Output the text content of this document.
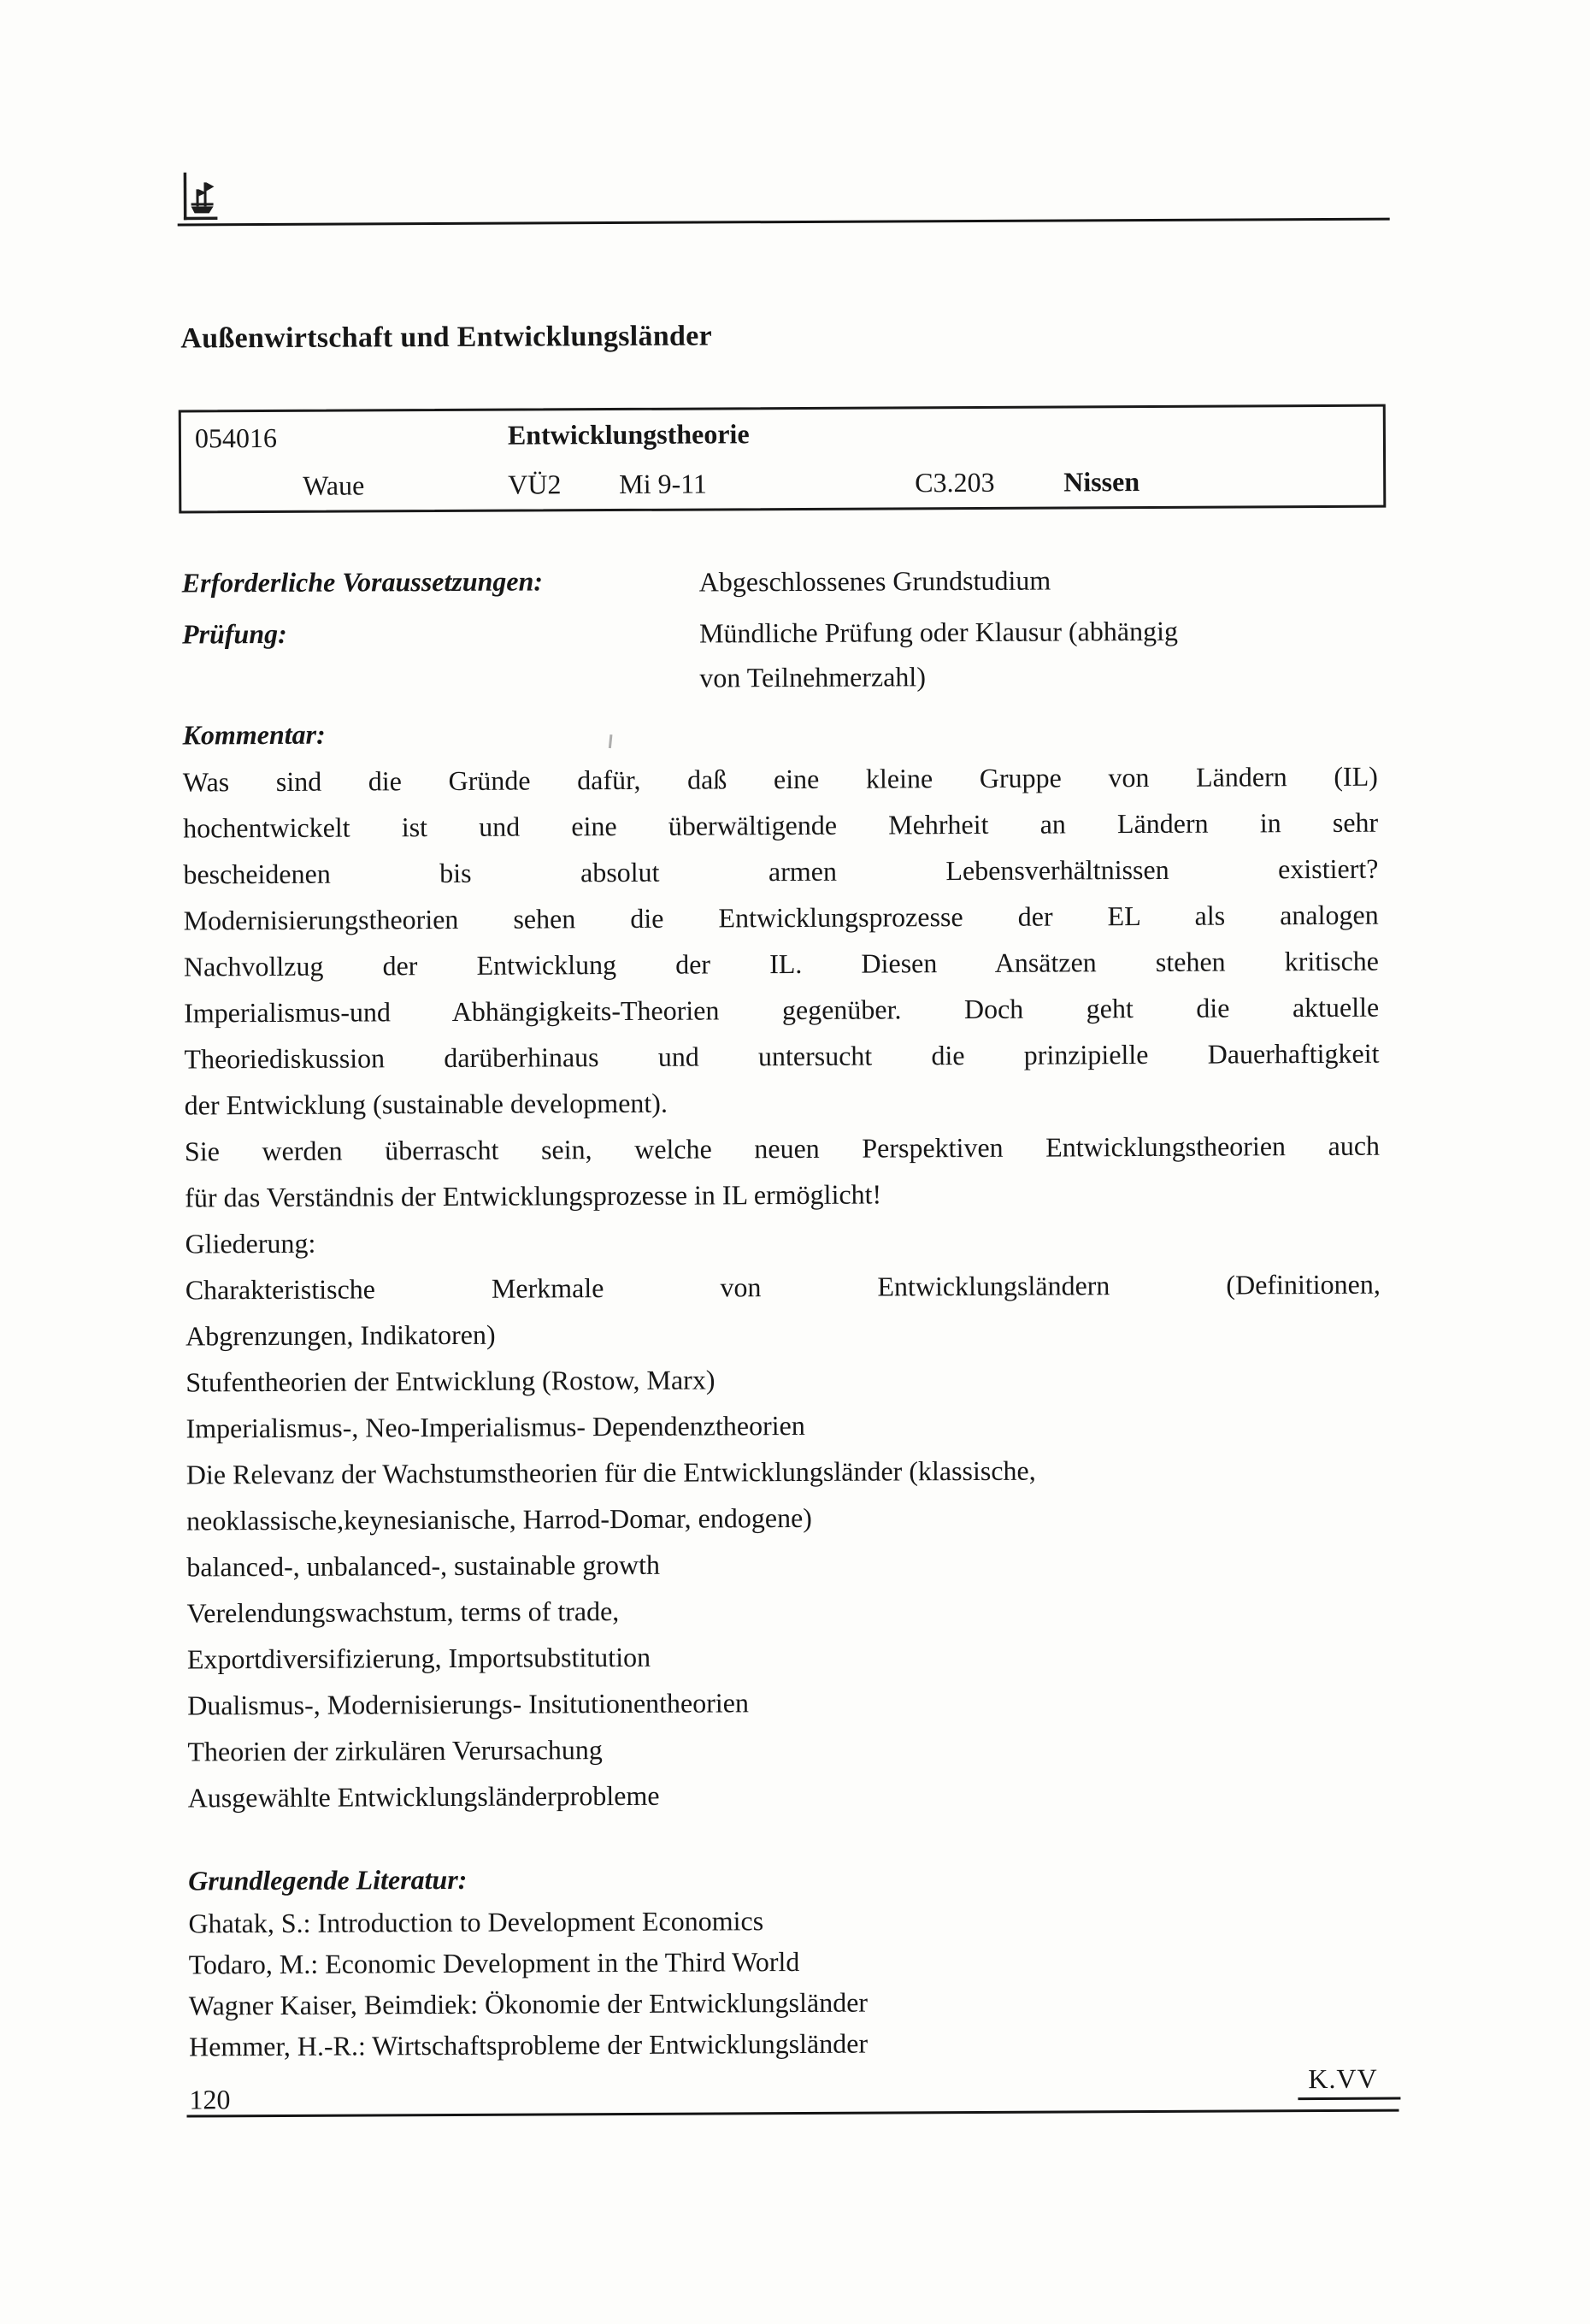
Außenwirtschaft und Entwicklungsländer
054016	Entwicklungstheorie
Waue	VÜ2 Mi 9-11	C3.203	Nissen
Erforderliche Voraussetzungen:	Abgeschlossenes Grundstudium
Prüfung:	Mündliche Prüfung oder Klausur (abhängig
von Teilnehmerzahl)
Kommentar:
Was sind die Gründe dafür, daß eine kleine Gruppe von Ländern (IL)
hochentwickelt ist und eine überwältigende Mehrheit an Ländern in sehr
bescheidenen bis absolut armen Lebensverhältnissen existiert?
Modernisierungstheorien sehen die Entwicklungsprozesse der EL als analogen
Nachvollzug der Entwicklung der IL. Diesen Ansätzen stehen kritische
Imperialismus-und Abhängigkeits-Theorien gegenüber. Doch geht die aktuelle
Theoriediskussion darüberhinaus und untersucht die prinzipielle Dauerhaftigkeit
der Entwicklung (sustainable development).
Sie werden überrascht sein, welche neuen Perspektiven Entwicklungstheorien auch
für das Verständnis der Entwicklungsprozesse in IL ermöglicht!
Gliederung:
Charakteristische Merkmale von Entwicklungsländern (Definitionen,
Abgrenzungen, Indikatoren)
Stufentheorien der Entwicklung (Rostow, Marx)
Imperialismus-, Neo-Imperialismus- Dependenztheorien
Die Relevanz der Wachstumstheorien für die Entwicklungsländer (klassische,
neoklassische,keynesianische, Harrod-Domar, endogene)
balanced-, unbalanced-, sustainable growth
Verelendungswachstum, terms of trade,
Exportdiversifizierung, Importsubstitution
Dualismus-, Modernisierungs- Insitutionentheorien
Theorien der zirkulären Verursachung
Ausgewählte Entwicklungsländerprobleme
Grundlegende Literatur:
Ghatak, S.: Introduction to Development Economics
Todaro, M.: Economic Development in the Third World
Wagner Kaiser, Beimdiek: Ökonomie der Entwicklungsländer
Hemmer, H.-R.: Wirtschaftsprobleme der Entwicklungsländer
120
K.VV
